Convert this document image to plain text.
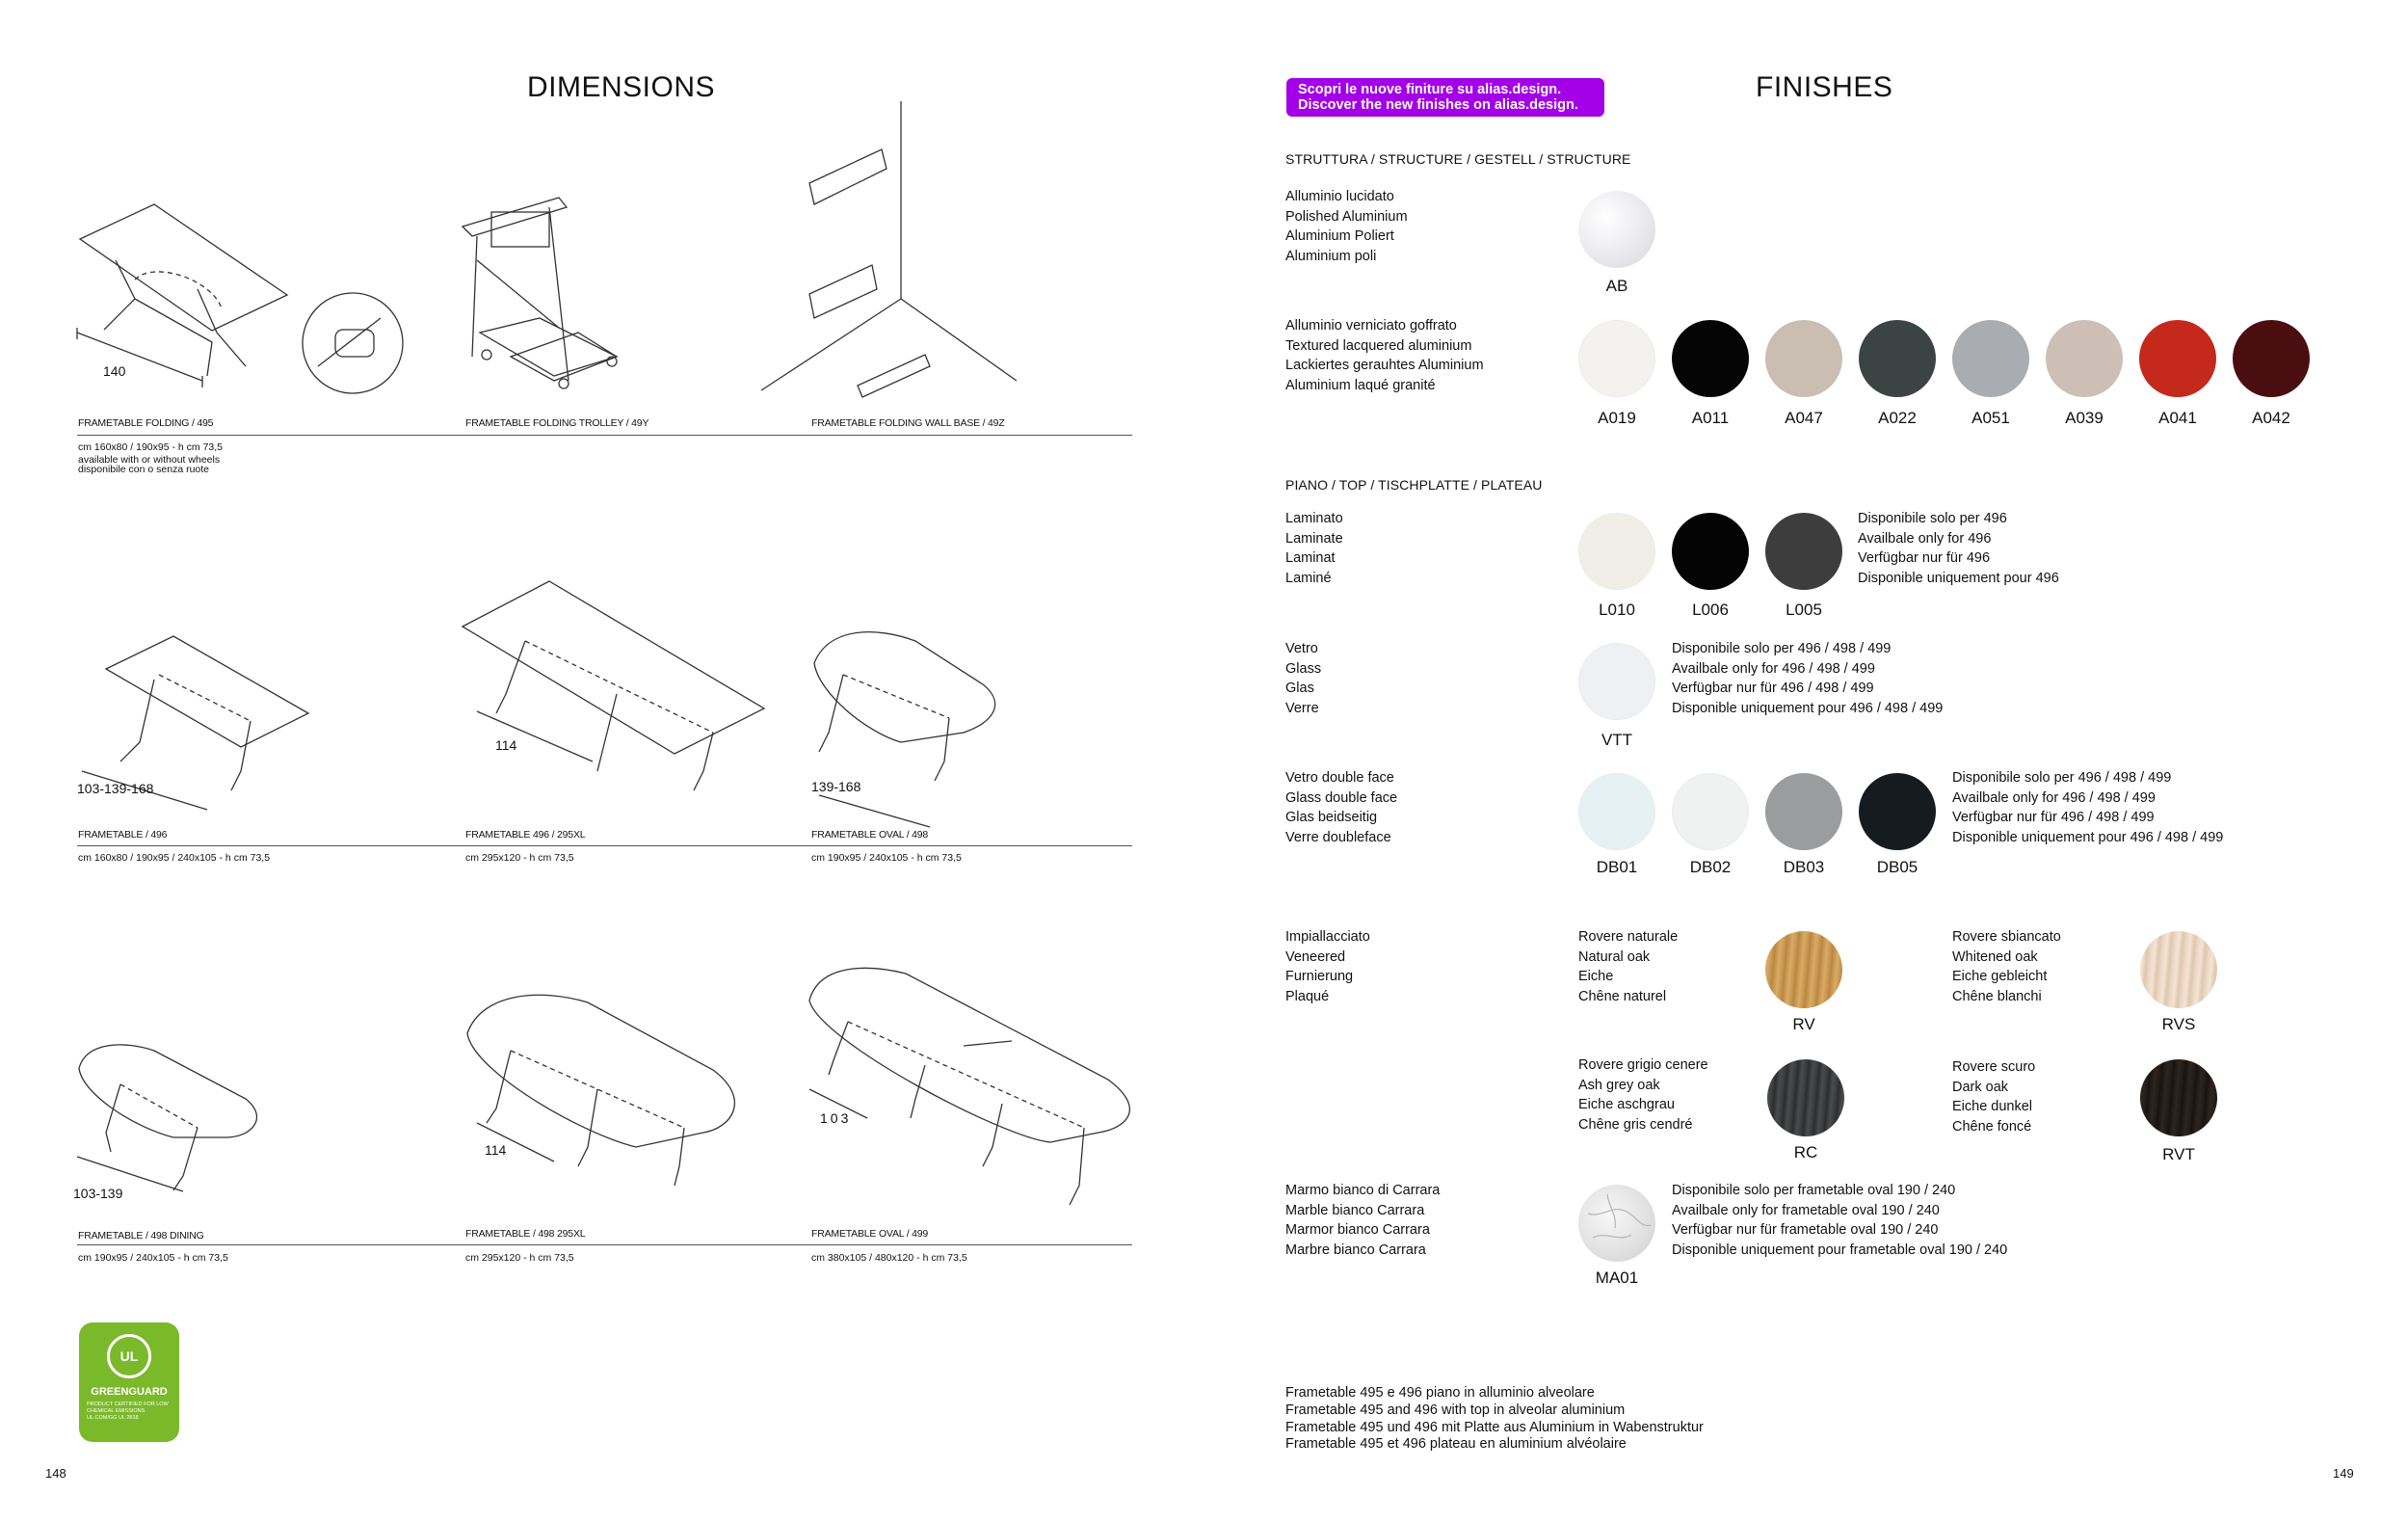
DIMENSIONS
140
103-139-168
114
139-168
103-139
114
103
FRAMETABLE FOLDING / 495	FRAMETABLE FOLDING TROLLEY / 49Y	FRAMETABLE FOLDING WALL BASE / 49Z
cm 160x80 / 190x95 - h cm 73,5
available with or without wheels
disponibile con o senza ruote
FRAMETABLE / 496	FRAMETABLE 496 / 295XL	FRAMETABLE OVAL / 498
cm 160x80 / 190x95 / 240x105 - h cm 73,5	cm 295x120 - h cm 73,5	cm 190x95 / 240x105 - h cm 73,5
FRAMETABLE / 498 DINING	FRAMETABLE / 498 295XL	FRAMETABLE OVAL / 499
cm 190x95 / 240x105 - h cm 73,5	cm 295x120 - h cm 73,5	cm 380x105 / 480x120 - h cm 73,5
UL
GREENGUARD
PRODUCT CERTIFIED FOR LOW CHEMICAL EMISSIONS UL.COM/GG UL 2818
148
Scopri le nuove finiture su alias.design.
Discover the new finishes on alias.design.
FINISHES
STRUTTURA / STRUCTURE / GESTELL / STRUCTURE
Alluminio lucidato
Polished Aluminium
Aluminium Poliert
Aluminium poli
AB
Alluminio verniciato goffrato
Textured lacquered aluminium
Lackiertes gerauhtes Aluminium
Aluminium laqué granité
A019	A011	A047	A022	A051	A039	A041	A042
PIANO / TOP / TISCHPLATTE / PLATEAU
Laminato
Laminate
Laminat
Laminé
L010	L006	L005
Disponibile solo per 496
Availbale only for 496
Verfügbar nur für 496
Disponible uniquement pour 496
Vetro
Glass
Glas
Verre
VTT
Disponibile solo per 496 / 498 / 499
Availbale only for 496 / 498 / 499
Verfügbar nur für 496 / 498 / 499
Disponible uniquement pour 496 / 498 / 499
Vetro double face
Glass double face
Glas beidseitig
Verre doubleface
DB01	DB02	DB03	DB05
Disponibile solo per 496 / 498 / 499
Availbale only for 496 / 498 / 499
Verfügbar nur für 496 / 498 / 499
Disponible uniquement pour 496 / 498 / 499
Impiallacciato
Veneered
Furnierung
Plaqué
Rovere naturale
Natural oak
Eiche
Chêne naturel
RV
Rovere sbiancato
Whitened oak
Eiche gebleicht
Chêne blanchi
RVS
Rovere grigio cenere
Ash grey oak
Eiche aschgrau
Chêne gris cendré
RC
Rovere scuro
Dark oak
Eiche dunkel
Chêne foncé
RVT
Marmo bianco di Carrara
Marble bianco Carrara
Marmor bianco Carrara
Marbre bianco Carrara
MA01
Disponibile solo per frametable oval 190 / 240
Availbale only for frametable oval 190 / 240
Verfügbar nur für frametable oval 190 / 240
Disponible uniquement pour frametable oval 190 / 240
Frametable 495 e 496 piano in alluminio alveolare
Frametable 495 and 496 with top in alveolar aluminium
Frametable 495 und 496 mit Platte aus Aluminium in Wabenstruktur
Frametable 495 et 496 plateau en aluminium alvéolaire
149
